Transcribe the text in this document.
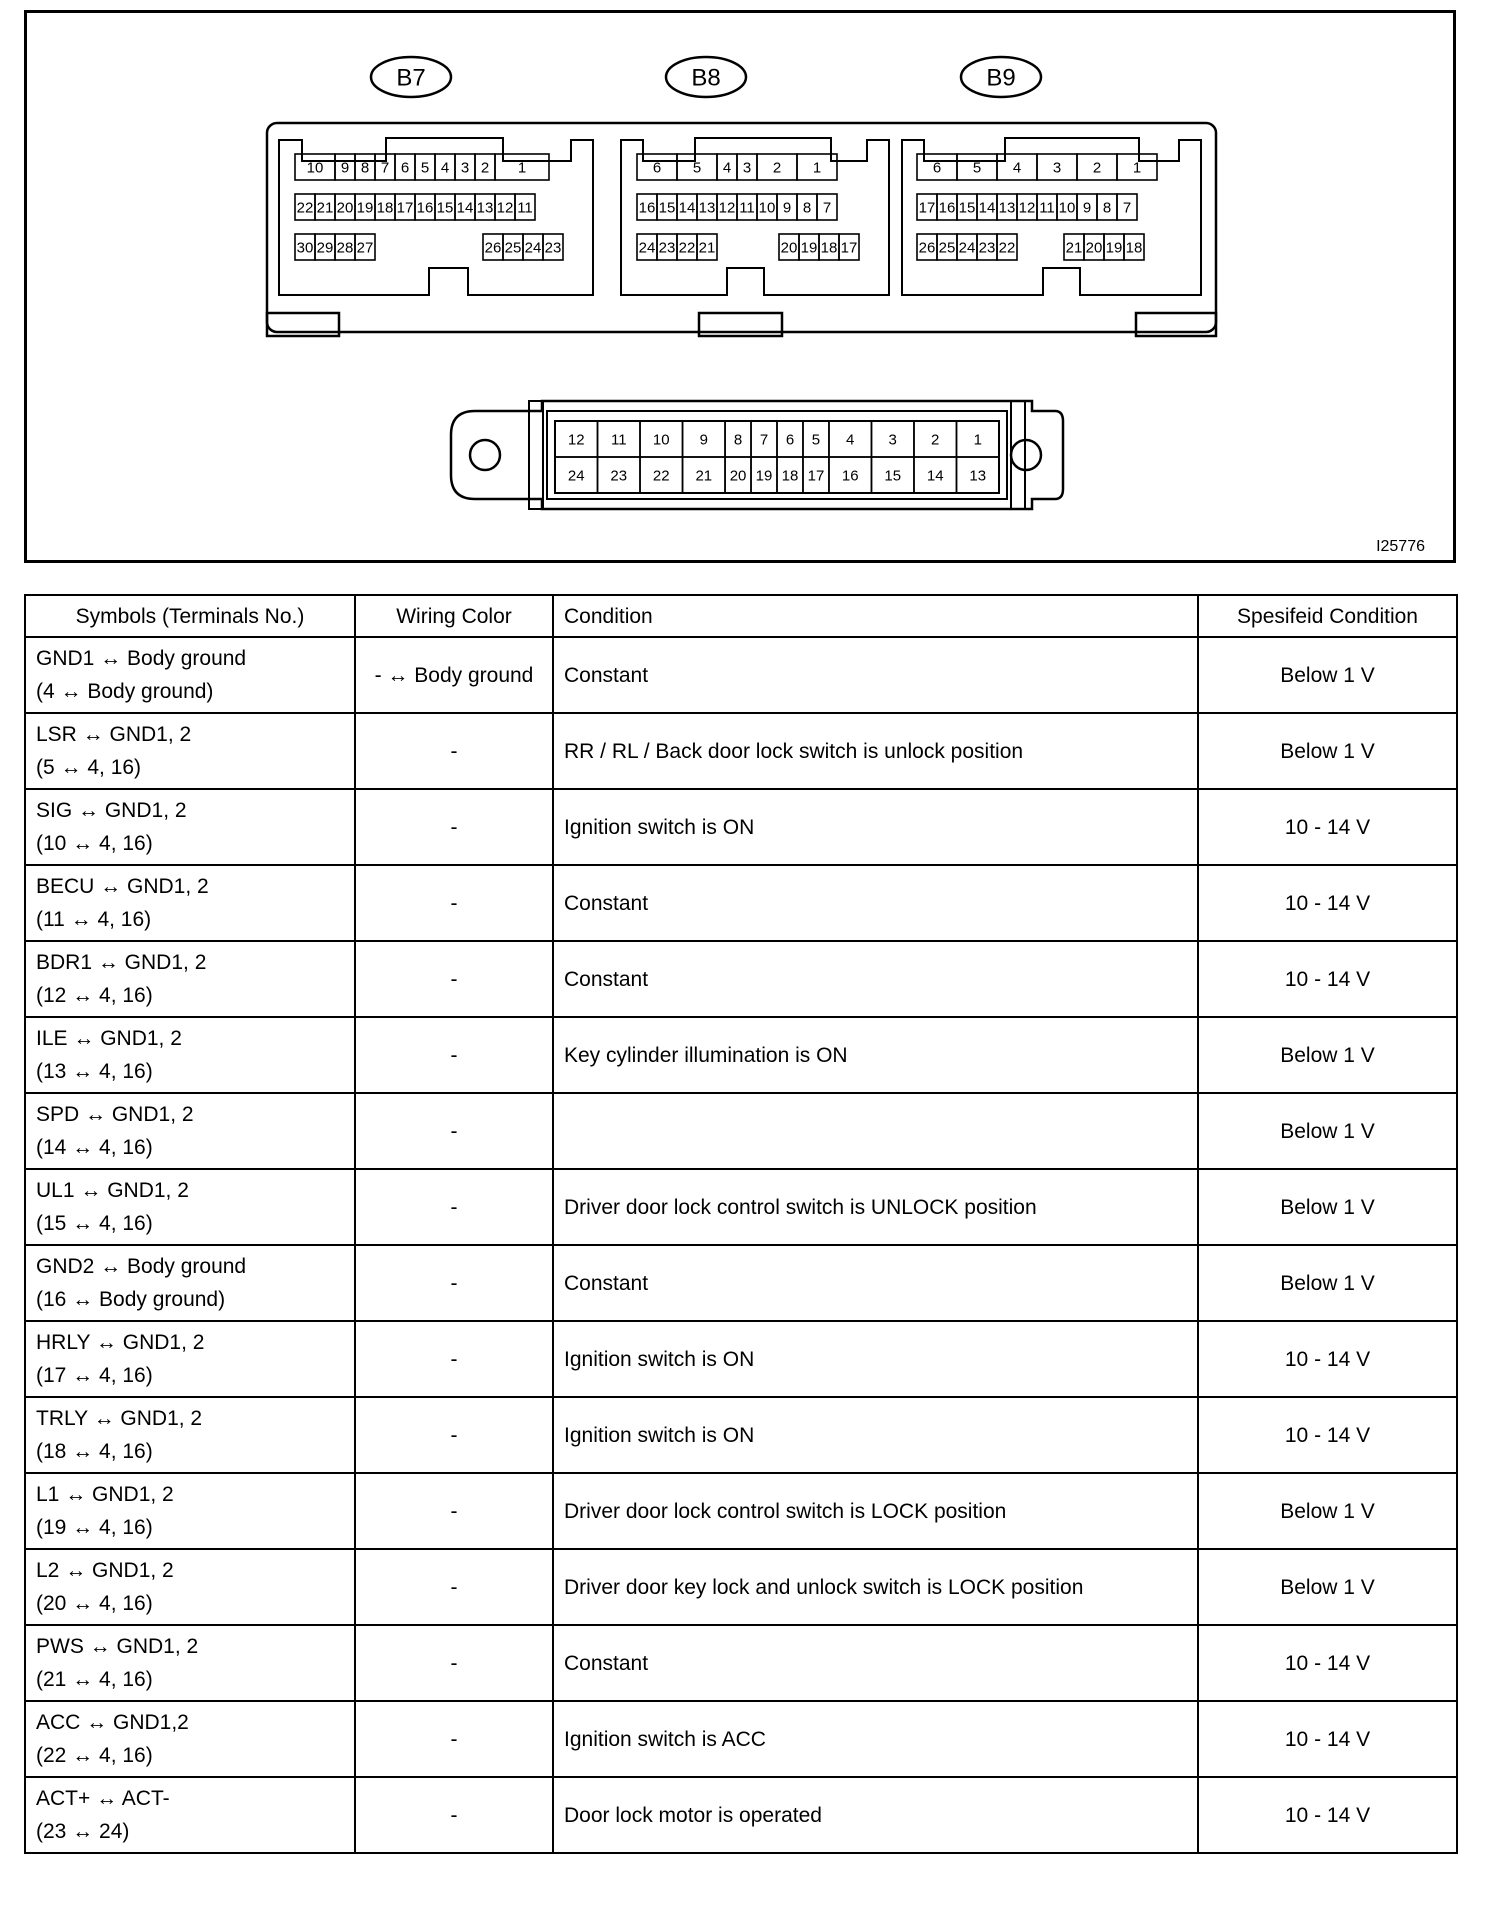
B7
10 9 8 7 6 5 4 3 2 1
22 21 20 19 18 17 16 15 14 13 12 11
30 29 28 27	26 25 24 23
B8
6 5 4 3 2 1
16 15 14 13 12 11 10 9 8 7
24 23 22 21	20 19 18 17
B9
6 5 4 3 2 1
17 16 15 14 13 12 11 10 9 8 7
26 25 24 23 22	21 20 19 18
12 11 10 9 8 7 6 5 4 3 2 1
24 23 22 21 20 19 18 17 16 15 14 13
I25776
Symbols (Terminals No.)	Wiring Color	Condition	Spesifeid Condition

GND1 ↔ Body ground
(4 ↔ Body ground)	- ↔ Body ground	Constant	Below 1 V

LSR ↔ GND1, 2
(5 ↔ 4, 16)	-	RR / RL / Back door lock switch is unlock position	Below 1 V

SIG ↔ GND1, 2
(10 ↔ 4, 16)	-	Ignition switch is ON	10 - 14 V

BECU ↔ GND1, 2
(11 ↔ 4, 16)	-	Constant	10 - 14 V

BDR1 ↔ GND1, 2
(12 ↔ 4, 16)	-	Constant	10 - 14 V

ILE ↔ GND1, 2
(13 ↔ 4, 16)	-	Key cylinder illumination is ON	Below 1 V

SPD ↔ GND1, 2
(14 ↔ 4, 16)	-		Below 1 V

UL1 ↔ GND1, 2
(15 ↔ 4, 16)	-	Driver door lock control switch is UNLOCK position	Below 1 V

GND2 ↔ Body ground
(16 ↔ Body ground)	-	Constant	Below 1 V

HRLY ↔ GND1, 2
(17 ↔ 4, 16)	-	Ignition switch is ON	10 - 14 V

TRLY ↔ GND1, 2
(18 ↔ 4, 16)	-	Ignition switch is ON	10 - 14 V

L1 ↔ GND1, 2
(19 ↔ 4, 16)	-	Driver door lock control switch is LOCK position	Below 1 V

L2 ↔ GND1, 2
(20 ↔ 4, 16)	-	Driver door key lock and unlock switch is LOCK position	Below 1 V

PWS ↔ GND1, 2
(21 ↔ 4, 16)	-	Constant	10 - 14 V

ACC ↔ GND1,2
(22 ↔ 4, 16)	-	Ignition switch is ACC	10 - 14 V

ACT+ ↔ ACT-
(23 ↔ 24)	-	Door lock motor is operated	10 - 14 V
